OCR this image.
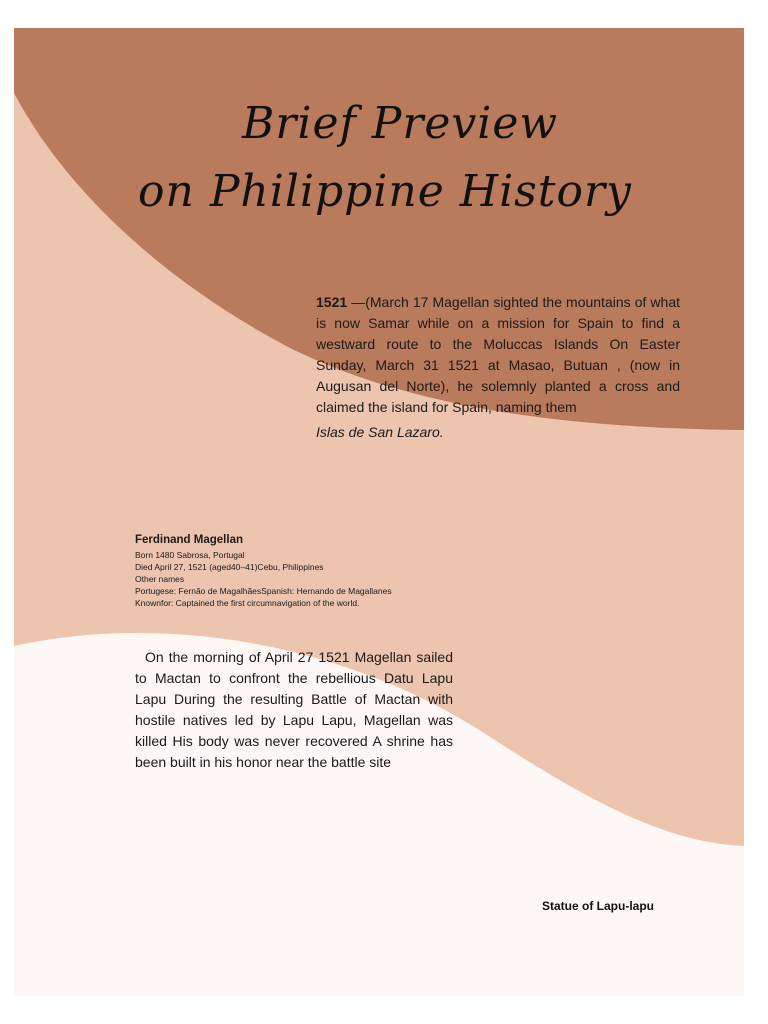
Brief Preview
on Philippine History
1521 —(March 17 Magellan sighted the mountains of what is now Samar while on a mission for Spain to find a westward route to the Moluccas Islands On Easter Sunday, March 31 1521 at Masao, Butuan , (now in Augusan del Norte), he solemnly planted a cross and claimed the island for Spain, naming them
Islas de San Lazaro.
Ferdinand Magellan
Born 1480 Sabrosa, Portugal
Died April 27, 1521 (aged40–41)Cebu, Philippines
Other names
Portugese: Fernão de MagalhãesSpanish: Hernando de Magallanes
Knownfor: Captained the first circumnavigation of the world.
On the morning of April 27 1521 Magellan sailed to Mactan to confront the rebellious Datu Lapu Lapu During the resulting Battle of Mactan with hostile natives led by Lapu Lapu, Magellan was killed His body was never recovered A shrine has been built in his honor near the battle site
Statue of Lapu-lapu
